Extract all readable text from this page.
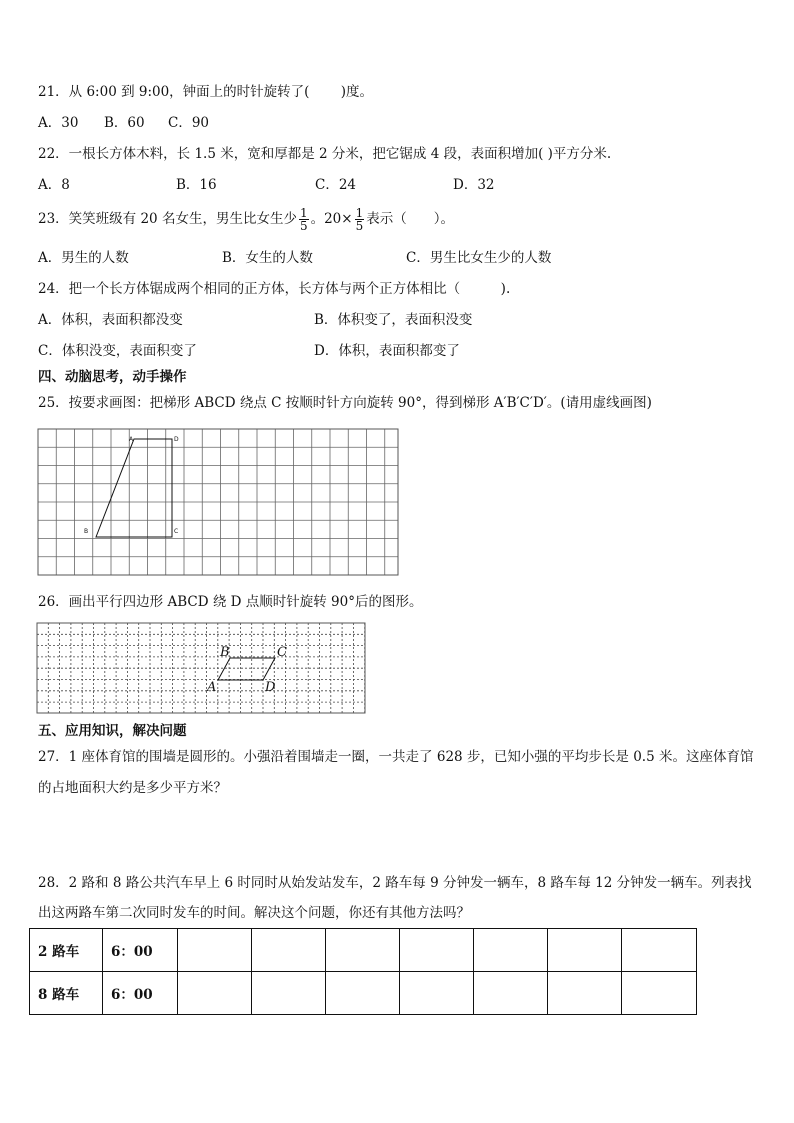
21．从 6:00 到 9:00，钟面上的时针旋转了(　　 )度。
A．30 B．60 C．90
22．一根长方体木料，长 1.5 米，宽和厚都是 2 分米，把它锯成 4 段，表面积增加( )平方分米.
A．8	B．16	C．24	D．32
23．笑笑班级有 20 名女生，男生比女生少 $\frac{1}{5}$ 。$20\times \frac{1}{5}$ 表示（　　）。
A．男生的人数	B．女生的人数	C．男生比女生少的人数
24．把一个长方体锯成两个相同的正方体，长方体与两个正方体相比（　　　).
A．体积，表面积都没变	B．体积变了，表面积没变
C．体积没变，表面积变了	D．体积，表面积都变了
四、动脑思考，动手操作
25．按要求画图：把梯形 ABCD 绕点 C 按顺时针方向旋转 90°，得到梯形 A′B′C′D′。(请用虚线画图)
A	D
B	C
26．画出平行四边形 ABCD 绕 D 点顺时针旋转 90°后的图形。
B	C
A	D
五、应用知识，解决问题
27．1 座体育馆的围墙是圆形的。小强沿着围墙走一圈，一共走了 628 步，已知小强的平均步长是 0.5 米。这座体育馆
的占地面积大约是多少平方米？
28．2 路和 8 路公共汽车早上 6 时同时从始发站发车，2 路车每 9 分钟发一辆车，8 路车每 12 分钟发一辆车。列表找
出这两路车第二次同时发车的时间。解决这个问题，你还有其他方法吗？
2 路车	6：00							
8 路车	6：00							
